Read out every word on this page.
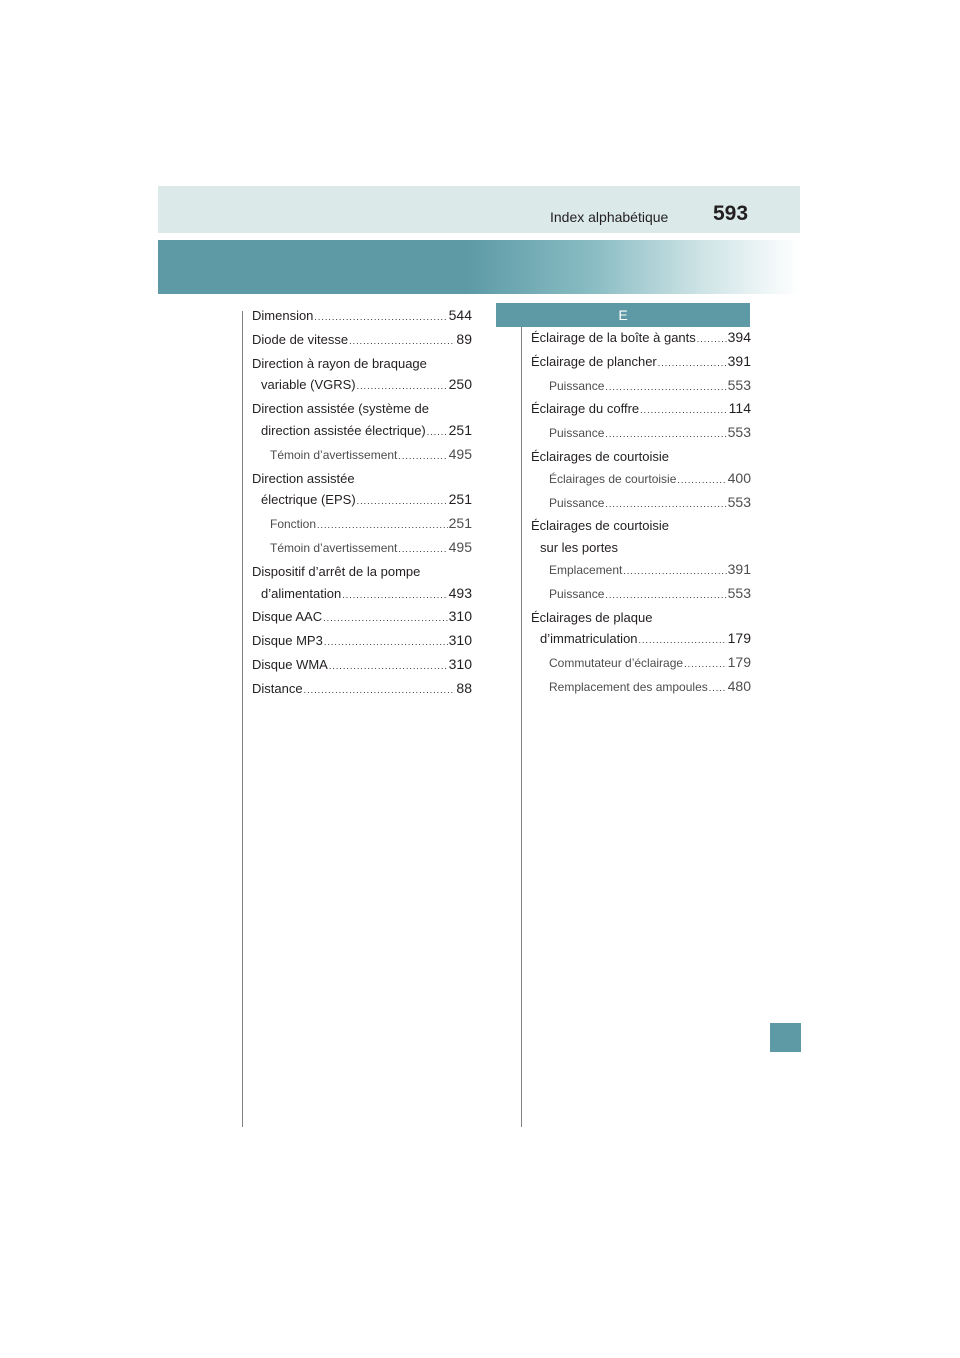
Index alphabétique 593
E
Dimension .....	544
Diode de vitesse .....	89
Direction à rayon de braquage
variable (VGRS) .....	250
Direction assistée (système de
direction assistée électrique) ..... 251
Témoin d’avertissement .....	495
Direction assistée
électrique (EPS) .....	251
Fonction .....	251
Témoin d’avertissement .....	495
Dispositif d’arrêt de la pompe
d’alimentation .....	493
Disque AAC .....	310
Disque MP3 .....	310
Disque WMA .....	310
Distance .....	88
Éclairage de la boîte à gants ..... 394
Éclairage de plancher .....	391
Puissance .....	553
Éclairage du coffre .....	114
Puissance .....	553
Éclairages de courtoisie
Éclairages de courtoisie .....	400
Puissance .....	553
Éclairages de courtoisie
sur les portes
Emplacement .....	391
Puissance .....	553
Éclairages de plaque
d’immatriculation .....	179
Commutateur d’éclairage .....	179
Remplacement des ampoules ..... 480
